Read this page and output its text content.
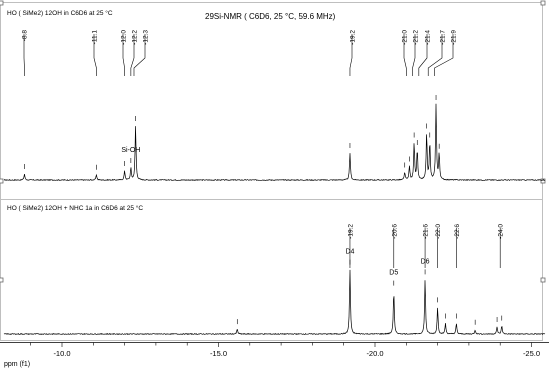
HO ( SiMe2) 12OH in C6D6 at 25 °C	29Si-NMR ( C6D6, 25 °C, 59.6 MHz)
HO ( SiMe2) 12OH + NHC 1a in C6D6 at 25 °C
-8.8	-11.1	-12.0 -12.2 -12.3	-19.2	-21.0 -21.2 -21.4 -21.7 -21.9
Si-OH
-19.2	-20.6	-21.6 -22.0 -22.6	-24.0
D4
D5
D6
-10.0	-15.0	-20.0	-25.0
ppm (f1)
